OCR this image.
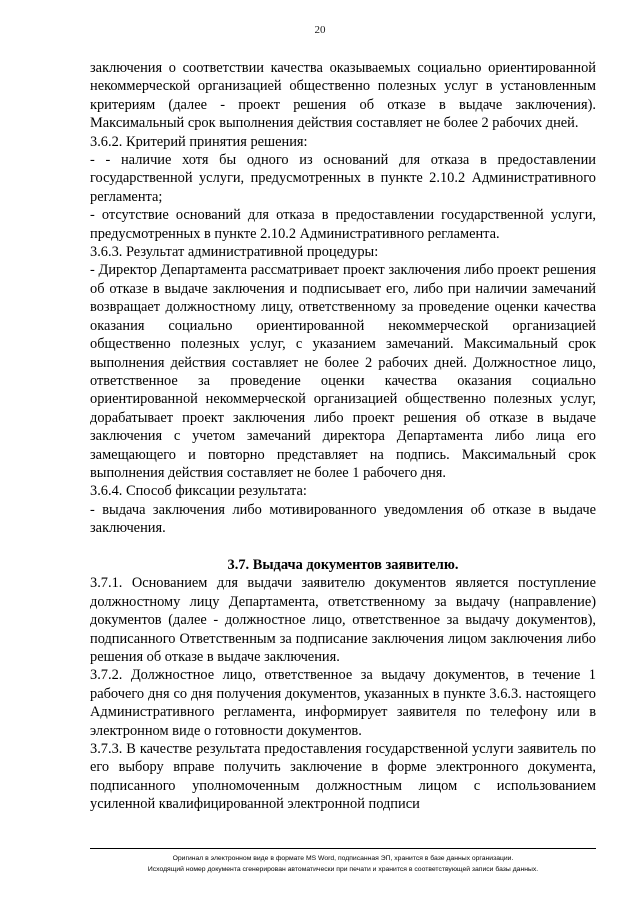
20

заключения о соответствии качества оказываемых социально ориентированной некоммерческой организацией общественно полезных услуг в установленным критериям (далее - проект решения об отказе в выдаче заключения). Максимальный срок выполнения действия составляет не более 2 рабочих дней.

3.6.2. Критерий принятия решения:

- - наличие хотя бы одного из оснований для отказа в предоставлении государственной услуги, предусмотренных в пункте 2.10.2 Административного регламента;

- отсутствие оснований для отказа в предоставлении государственной услуги, предусмотренных в пункте 2.10.2 Административного регламента.

3.6.3. Результат административной процедуры:

- Директор Департамента рассматривает проект заключения либо проект решения об отказе в выдаче заключения и подписывает его, либо при наличии замечаний возвращает должностному лицу, ответственному за проведение оценки качества оказания социально ориентированной некоммерческой организацией общественно полезных услуг, с указанием замечаний. Максимальный срок выполнения действия составляет не более 2 рабочих дней. Должностное лицо, ответственное за проведение оценки качества оказания социально ориентированной некоммерческой организацией общественно полезных услуг, дорабатывает проект заключения либо проект решения об отказе в выдаче заключения с учетом замечаний директора Департамента либо лица его замещающего и повторно представляет на подпись. Максимальный срок выполнения действия составляет не более 1 рабочего дня.

3.6.4. Способ фиксации результата:

- выдача заключения либо мотивированного уведомления об отказе в выдаче заключения.

3.7. Выдача документов заявителю.

3.7.1. Основанием для выдачи заявителю документов является поступление должностному лицу Департамента, ответственному за выдачу (направление) документов (далее - должностное лицо, ответственное за выдачу документов), подписанного Ответственным за подписание заключения лицом заключения либо решения об отказе в выдаче заключения.

3.7.2. Должностное лицо, ответственное за выдачу документов, в течение 1 рабочего дня со дня получения документов, указанных в пункте 3.6.3. настоящего Административного регламента, информирует заявителя по телефону или в электронном виде о готовности документов.

3.7.3. В качестве результата предоставления государственной услуги заявитель по его выбору вправе получить заключение в форме электронного документа, подписанного уполномоченным должностным лицом с использованием усиленной квалифицированной электронной подписи

Оригинал в электронном виде в формате MS Word, подписанная ЭП, хранится в базе данных организации.
Исходящий номер документа сгенерирован автоматически при печати и хранится в соответствующей записи базы данных.
